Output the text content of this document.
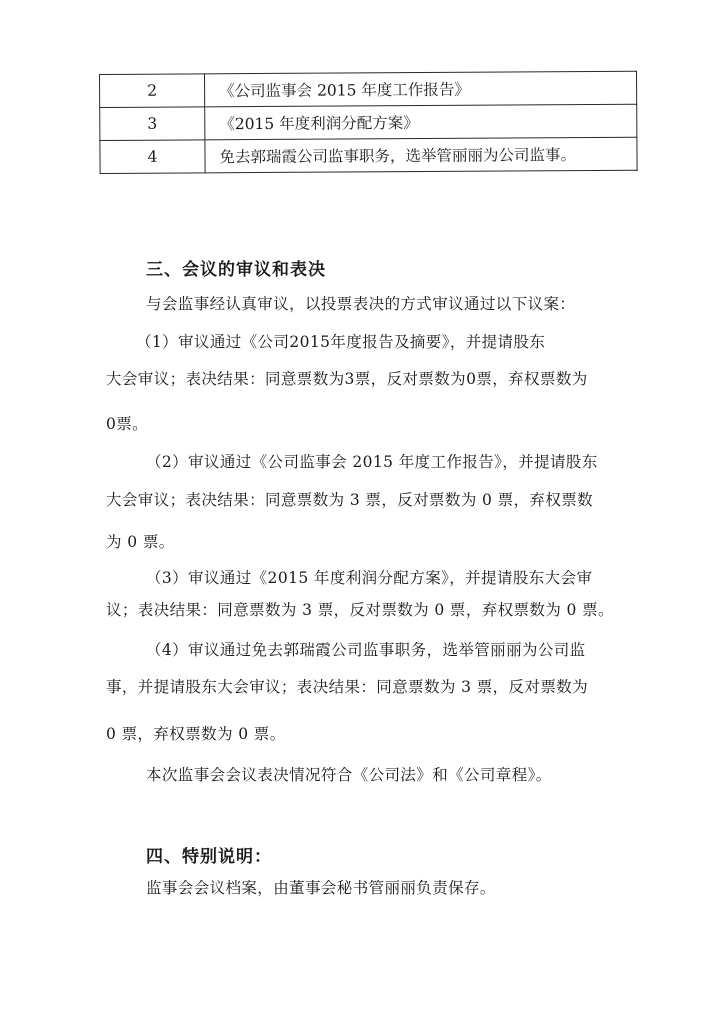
2	《公司监事会 2015 年度工作报告》
3	《2015 年度利润分配方案》
4	免去郭瑞霞公司监事职务，选举管丽丽为公司监事。
三、会议的审议和表决
与会监事经认真审议，以投票表决的方式审议通过以下议案：
（1）审议通过《公司2015年度报告及摘要》，并提请股东
大会审议；表决结果：同意票数为3票，反对票数为0票，弃权票数为
0票。
（2）审议通过《公司监事会 2015 年度工作报告》，并提请股东
大会审议；表决结果：同意票数为 3 票，反对票数为 0 票，弃权票数
为 0 票。
（3）审议通过《2015 年度利润分配方案》，并提请股东大会审
议；表决结果：同意票数为 3 票，反对票数为 0 票，弃权票数为 0 票。
（4）审议通过免去郭瑞霞公司监事职务，选举管丽丽为公司监
事，并提请股东大会审议；表决结果：同意票数为 3 票，反对票数为
0 票，弃权票数为 0 票。
本次监事会会议表决情况符合《公司法》和《公司章程》。
四、特别说明：
监事会会议档案，由董事会秘书管丽丽负责保存。
